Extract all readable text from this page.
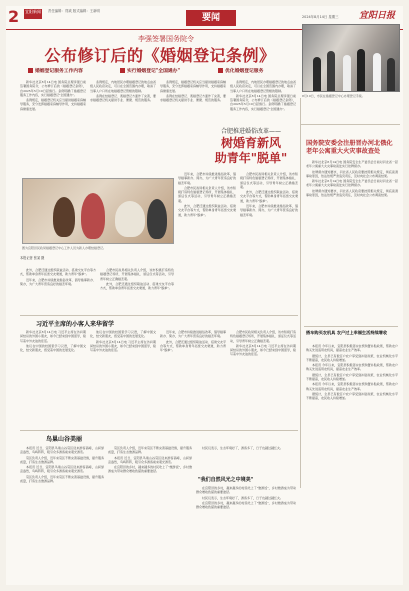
2 宜阳新闻 责任编辑：郑欢 版式编辑：王新明
要闻	2024年8月14日 星期三 宜阳日报
李强签署国务院令
公布修订后的《婚姻登记条例》
婚姻登记服务工作内容	实行婚姻登记"全国通办"	优化婚姻登记服务

新华社北京8月14日电 国务院总理李强日前签署国务院令，公布修订后的《婚姻登记条例》，自2025年5月10日起施行。条例明确了婚姻登记服务工作内容，实行婚姻登记"全国通办"。

条例规定，婚姻登记机关应当提供婚姻家庭辅导服务，充分发挥婚姻家庭辅导作用，支持婚姻家庭健康发展。

条例规定，内地居民办理婚姻登记的地点由省级人民政府决定，可以在全国范围内办理，取消了当事人户口所在地婚姻登记管辖的限制。

条例在结婚登记、离婚登记方面作了完善，要求婚姻登记机关提供专业、便捷、规范的服务。

条例规定，婚姻登记机关应当提供婚姻家庭辅导服务，充分发挥婚姻家庭辅导作用，支持婚姻家庭健康发展。

条例在结婚登记、离婚登记方面作了完善，要求婚姻登记机关提供专业、便捷、规范的服务。

条例规定，内地居民办理婚姻登记的地点由省级人民政府决定，可以在全国范围内办理，取消了当事人户口所在地婚姻登记管辖的限制。

新华社北京8月14日电 国务院总理李强日前签署国务院令，公布修订后的《婚姻登记条例》，自2025年5月10日起施行。条例明确了婚姻登记服务工作内容，实行婚姻登记"全国通办"。

8月10日，市民在婚姻登记中心办理登记手续。
国务院安委会注册晋办河北俄化老年公寓重大火灾事故查处

新华社北京8月14日电 国务院安全生产委员会日前对河北省一起老年公寓重大火灾事故查处实行挂牌督办。

挂牌督办通知要求，河北省人民政府要按照相关规定，彻底查清事故原因，依法依规严肃追究责任，及时向社会公布调查结果。

新华社北京8月14日电 国务院安全生产委员会日前对河北省一起老年公寓重大火灾事故查处实行挂牌督办。

挂牌督办通知要求，河北省人民政府要按照相关规定，彻底查清事故原因，依法依规严肃追究责任，及时向社会公布调查结果。

图为宜阳县民政局婚姻登记中心工作人员为新人办理结婚登记。
本报记者 张某 摄
合肥推进婚俗改革——
树婚育新风
助青年"脱单"

近年来，合肥市持续推进婚俗改革，倡导婚事新办、简办，为广大青年营造良好的婚恋环境。

合肥市民政局相关负责人介绍，该市积极打造特色婚姻登记场所，开展集体婚礼、颁证仪式等活动，引导青年树立正确婚恋观。

此外，合肥还通过组织联谊活动、搭建交友平台等方式，帮助单身青年拓宽交友渠道，助力青年"脱单"。

合肥市民政局相关负责人介绍，该市积极打造特色婚姻登记场所，开展集体婚礼、颁证仪式等活动，引导青年树立正确婚恋观。

此外，合肥还通过组织联谊活动、搭建交友平台等方式，帮助单身青年拓宽交友渠道，助力青年"脱单"。

近年来，合肥市持续推进婚俗改革，倡导婚事新办、简办，为广大青年营造良好的婚恋环境。

此外，合肥还通过组织联谊活动、搭建交友平台等方式，帮助单身青年拓宽交友渠道，助力青年"脱单"。

近年来，合肥市持续推进婚俗改革，倡导婚事新办、简办，为广大青年营造良好的婚恋环境。

合肥市民政局相关负责人介绍，该市积极打造特色婚姻登记场所，开展集体婚礼、颁证仪式等活动，引导青年树立正确婚恋观。

此外，合肥还通过组织联谊活动、搭建交友平台等方式，帮助单身青年拓宽交友渠道，助力青年"脱单"。

习近平主席的小客人来华留学

新华社北京8月14日电 习近平主席在访问期间结识的外国小朋友，如今已经来到中国留学，续写着中外友谊的佳话。

他们在中国的校园里学习汉语，了解中国文化，结交新朋友，感受着中国的发展变化。

他们在中国的校园里学习汉语，了解中国文化，结交新朋友，感受着中国的发展变化。

新华社北京8月14日电 习近平主席在访问期间结识的外国小朋友，如今已经来到中国留学，续写着中外友谊的佳话。

近年来，合肥市持续推进婚俗改革，倡导婚事新办、简办，为广大青年营造良好的婚恋环境。

此外，合肥还通过组织联谊活动、搭建交友平台等方式，帮助单身青年拓宽交友渠道，助力青年"脱单"。

合肥市民政局相关负责人介绍，该市积极打造特色婚姻登记场所，开展集体婚礼、颁证仪式等活动，引导青年树立正确婚恋观。

新华社北京8月14日电 习近平主席在访问期间结识的外国小朋友，如今已经来到中国留学，续写着中外友谊的佳话。

鸟巢山谷美丽

本报讯 近日，宜阳县鸟巢山谷景区迎来游客高峰，山间绿意盎然，鸟鸣阵阵，吸引众多游客前来观光游览。

景区负责人介绍，近年来景区不断完善基础设施，提升服务质量，打造生态旅游品牌。

本报讯 近日，宜阳县鸟巢山谷景区迎来游客高峰，山间绿意盎然，鸟鸣阵阵，吸引众多游客前来观光游览。

景区负责人介绍，近年来景区不断完善基础设施，提升服务质量，打造生态旅游品牌。

景区负责人介绍，近年来景区不断完善基础设施，提升服务质量，打造生态旅游品牌。

本报讯 近日，宜阳县鸟巢山谷景区迎来游客高峰，山间绿意盎然，鸟鸣阵阵，吸引众多游客前来观光游览。

在宜阳县的乡村，越来越多的村民吃上了"旅游饭"，乡村旅游成为带动群众增收致富的重要途径。

"我们自然风光之中境美"

村民们表示，生态环境好了，游客多了，日子也越过越红火。

在宜阳县的乡村，越来越多的村民吃上了"旅游饭"，乡村旅游成为带动群众增收致富的重要途径。

村民们表示，生态环境好了，游客多了，日子也越过越红火。

在宜阳县的乡村，越来越多的村民吃上了"旅游饭"，乡村旅游成为带动群众增收致富的重要途径。

搭车购买农机具 农户过上幸福生活持续增收

本报讯 今年以来，宜阳县积极落实农机购置补贴政策，帮助农户购买先进适用农机具，提高农业生产效率。

据统计，全县已有数百户农户享受到补贴政策，农业机械化水平不断提高，农民收入持续增加。

本报讯 今年以来，宜阳县积极落实农机购置补贴政策，帮助农户购买先进适用农机具，提高农业生产效率。

据统计，全县已有数百户农户享受到补贴政策，农业机械化水平不断提高，农民收入持续增加。

本报讯 今年以来，宜阳县积极落实农机购置补贴政策，帮助农户购买先进适用农机具，提高农业生产效率。

据统计，全县已有数百户农户享受到补贴政策，农业机械化水平不断提高，农民收入持续增加。
